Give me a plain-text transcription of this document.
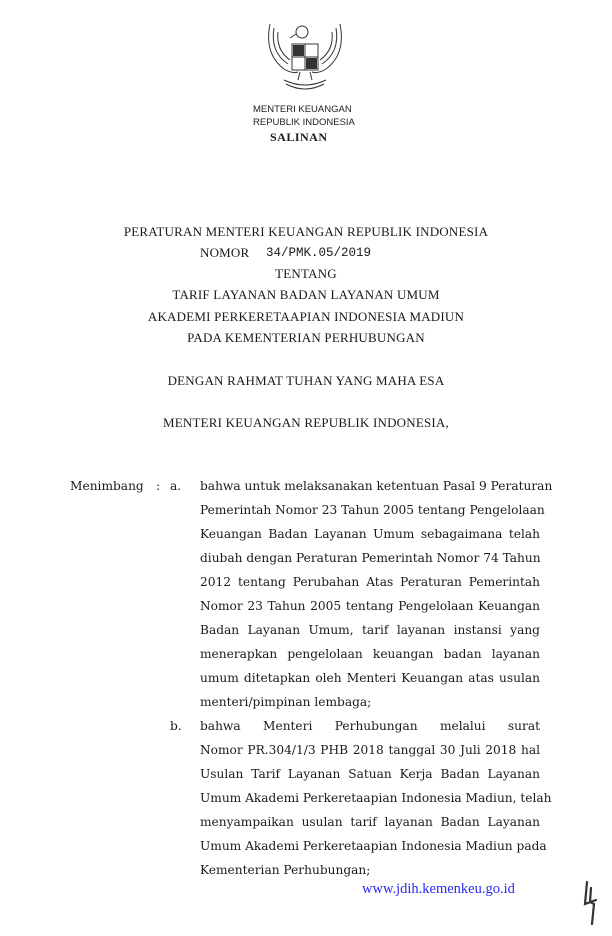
MENTERI KEUANGAN
REPUBLIK INDONESIA
SALINAN
PERATURAN MENTERI KEUANGAN REPUBLIK INDONESIA
NOMOR 34/PMK.05/2019
TENTANG
TARIF LAYANAN BADAN LAYANAN UMUM
AKADEMI PERKERETAAPIAN INDONESIA MADIUN
PADA KEMENTERIAN PERHUBUNGAN
DENGAN RAHMAT TUHAN YANG MAHA ESA
MENTERI KEUANGAN REPUBLIK INDONESIA,
Menimbang : a.
b.
bahwa untuk melaksanakan ketentuan Pasal 9 Peraturan
Pemerintah Nomor 23 Tahun 2005 tentang Pengelolaan
Keuangan Badan Layanan Umum sebagaimana telah
diubah dengan Peraturan Pemerintah Nomor 74 Tahun
2012 tentang Perubahan Atas Peraturan Pemerintah
Nomor 23 Tahun 2005 tentang Pengelolaan Keuangan
Badan Layanan Umum, tarif layanan instansi yang
menerapkan pengelolaan keuangan badan layanan
umum ditetapkan oleh Menteri Keuangan atas usulan
menteri/pimpinan lembaga;
bahwa Menteri Perhubungan melalui surat
Nomor PR.304/1/3 PHB 2018 tanggal 30 Juli 2018 hal
Usulan Tarif Layanan Satuan Kerja Badan Layanan
Umum Akademi Perkeretaapian Indonesia Madiun, telah
menyampaikan usulan tarif layanan Badan Layanan
Umum Akademi Perkeretaapian Indonesia Madiun pada
Kementerian Perhubungan;
www.jdih.kemenkeu.go.id
